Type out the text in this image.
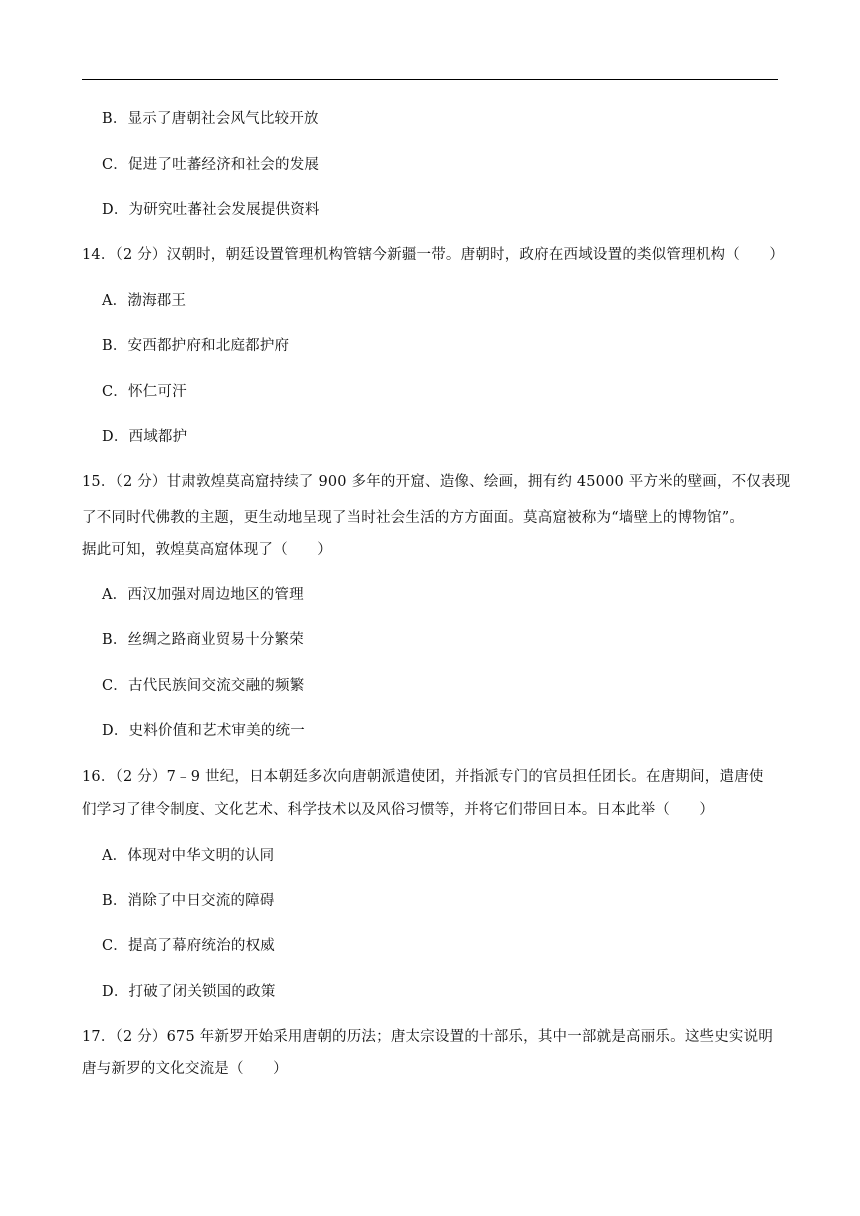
B．显示了唐朝社会风气比较开放
C．促进了吐蕃经济和社会的发展
D．为研究吐蕃社会发展提供资料
14．（2 分）汉朝时，朝廷设置管理机构管辖今新疆一带。唐朝时，政府在西域设置的类似管理机构（　　）
A．渤海郡王
B．安西都护府和北庭都护府
C．怀仁可汗
D．西域都护
15．（2 分）甘肃敦煌莫高窟持续了 900 多年的开窟、造像、绘画，拥有约 45000 平方米的壁画，不仅表现
了不同时代佛教的主题，更生动地呈现了当时社会生活的方方面面。莫高窟被称为“墙壁上的博物馆”。
据此可知，敦煌莫高窟体现了（　　）
A．西汉加强对周边地区的管理
B．丝绸之路商业贸易十分繁荣
C．古代民族间交流交融的频繁
D．史料价值和艺术审美的统一
16．（2 分）7﹣9 世纪，日本朝廷多次向唐朝派遣使团，并指派专门的官员担任团长。在唐期间，遣唐使
们学习了律令制度、文化艺术、科学技术以及风俗习惯等，并将它们带回日本。日本此举（　　）
A．体现对中华文明的认同
B．消除了中日交流的障碍
C．提高了幕府统治的权威
D．打破了闭关锁国的政策
17．（2 分）675 年新罗开始采用唐朝的历法；唐太宗设置的十部乐，其中一部就是高丽乐。这些史实说明
唐与新罗的文化交流是（　　）
